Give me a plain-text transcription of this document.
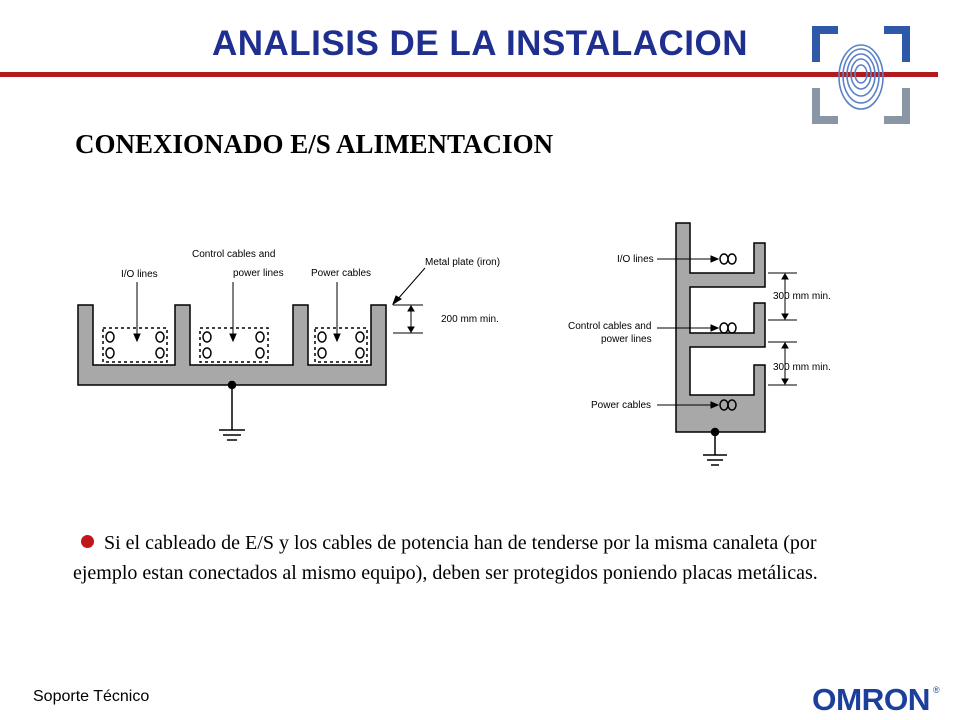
ANALISIS DE LA INSTALACION
CONEXIONADO E/S ALIMENTACION
I/O lines
Control cables and
power lines	Power cables
Metal plate (iron)
200 mm min.
I/O lines
Control cables and
power lines
Power cables
300 mm min.
300 mm min.
Si el cableado de E/S y los cables de potencia han de tenderse por la misma canaleta (por ejemplo estan conectados al mismo equipo), deben ser protegidos poniendo placas metálicas.
Soporte Técnico	OMRON ®
